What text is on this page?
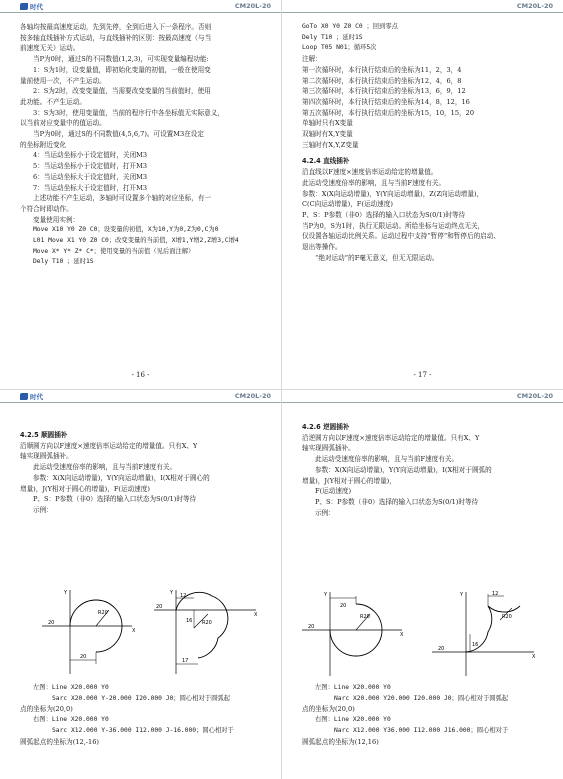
时代	CM20L-20

各轴均按最高速度运动，先到先停，全到后进入下一条程序。否则

按多轴直线插补方式运动，与直线插补的区别：按最高速度（与当

前速度无关）运动。

当P为0时，通过S的不同数值(1,2,3)，可实现变量编程功能:

1：S为1时，设变量值，即初始化变量的初值，一般在使用变

量前使用一次，不产生运动。

2：S为2时，改变变量值，当需要改变变量的当前值时，使用

此功能。不产生运动。

3：S为3时，使用变量值，当前的程序行中各坐标值无实际意义，

以当前对应变量中的值运动。

当P为0时，通过S的不同数值(4,5,6,7)。可设置M3在设定

的坐标附近变化

4：当运动坐标小于设定值时，关闭M3

5：当运动坐标小于设定值时，打开M3

6：当运动坐标大于设定值时，关闭M3

7：当运动坐标大于设定值时，打开M3

上述功能不产生运动，多轴时可设置多个轴的对应坐标，有一

个符合时即动作。

变量使用实例：

Move X10 Y0 Z0 C0；设变量的初值，X为10,Y为0,Z为0,C为0

L01 Move X1 Y0 Z0 C0；改变变量的当前值，X增1,Y增2,Z增3,C增4

Move X* Y* Z* C*；使用变量的当前值（见后面注解）

Dely T10 ；延时1S

- 16 -
CM20L-20

GoTo X0 Y0 Z0 C0 ；回到零点

Dely T10 ；延时1S

Loop T05 N01；循环5次

注解：

第一次循环时，本行执行结束后的坐标为11，2，3，4

第二次循环时，本行执行结束后的坐标为12，4，6，8

第三次循环时，本行执行结束后的坐标为13，6，9，12

第四次循环时，本行执行结束后的坐标为14，8，12，16

第五次循环时，本行执行结束后的坐标为15，10，15，20

单轴时只有X变量

双轴时有X,Y变量

三轴时有X,Y,Z变量

4.2.4 直线插补

沿直线以F速度×速度倍率运动给定的增量值。

此运动受速度倍率的影响，且与当前F速度有关。

参数：X(X向运动增量)，Y(Y向运动增量)，Z(Z向运动增量)，

C(C向运动增量)，F(运动速度)

P、S：P参数（非0）选择的输入口状态为S(0/1)时等待

当P为0，S为1时，执行无限运动。所给坐标与运动终点无关，

仅设置各轴运动比例关系。运动过程中支持“暂停”和暂停后的启动、

退出等操作。

“绝对运动”的F毫无意义，但无无限运动。

- 17 -
时代	CM20L-20

4.2.5 顺圆插补

沿顺圆方向以F速度×速度倍率运动给定的增量值。只有X、Y

轴实现圆弧插补。

此运动受速度倍率的影响，且与当前F速度有关。

参数：X(X向运动增量)，Y(Y向运动增量)，I(X相对于圆心的

增量)，J(Y相对于圆心的增量)，F(运动速度)

P、S：P参数（非0）选择的输入口状态为S(0/1)时等待

示例：

Y
X
20
R20
20
Y
X
12
R20
16
20
17

左图：Line X20.000 Y0

Sarc X20.000 Y-20.000 I20.000 J0；圆心相对于圆弧起

点的坐标为(20,0)

右图：Line X20.000 Y0

Sarc X12.000 Y-36.000 I12.000 J-16.000；圆心相对于

圆弧起点的坐标为(12,-16)

CM20L-20

4.2.6 逆圆插补

沿逆圆方向以F速度×速度倍率运动给定的增量值。只有X、Y

轴实现圆弧插补。

此运动受速度倍率的影响，且与当前F速度有关。

参数：X(X向运动增量)，Y(Y向运动增量)，I(X相对于圆弧的

增量)，J(Y相对于圆心的增量)，

F(运动速度)

P、S：P参数（非0）选择的输入口状态为S(0/1)时等待

示例：

Y
X
20
R20
20
Y
X
12
R20
20
16

左图：Line X20.000 Y0

Narc X20.000 Y20.000 I20.000 J0；圆心相对于圆弧起

点的坐标为(20,0)

右图：Line X20.000 Y0

Narc X12.000 Y36.000 I12.000 J16.000；圆心相对于

圆弧起点的坐标为(12,16)
